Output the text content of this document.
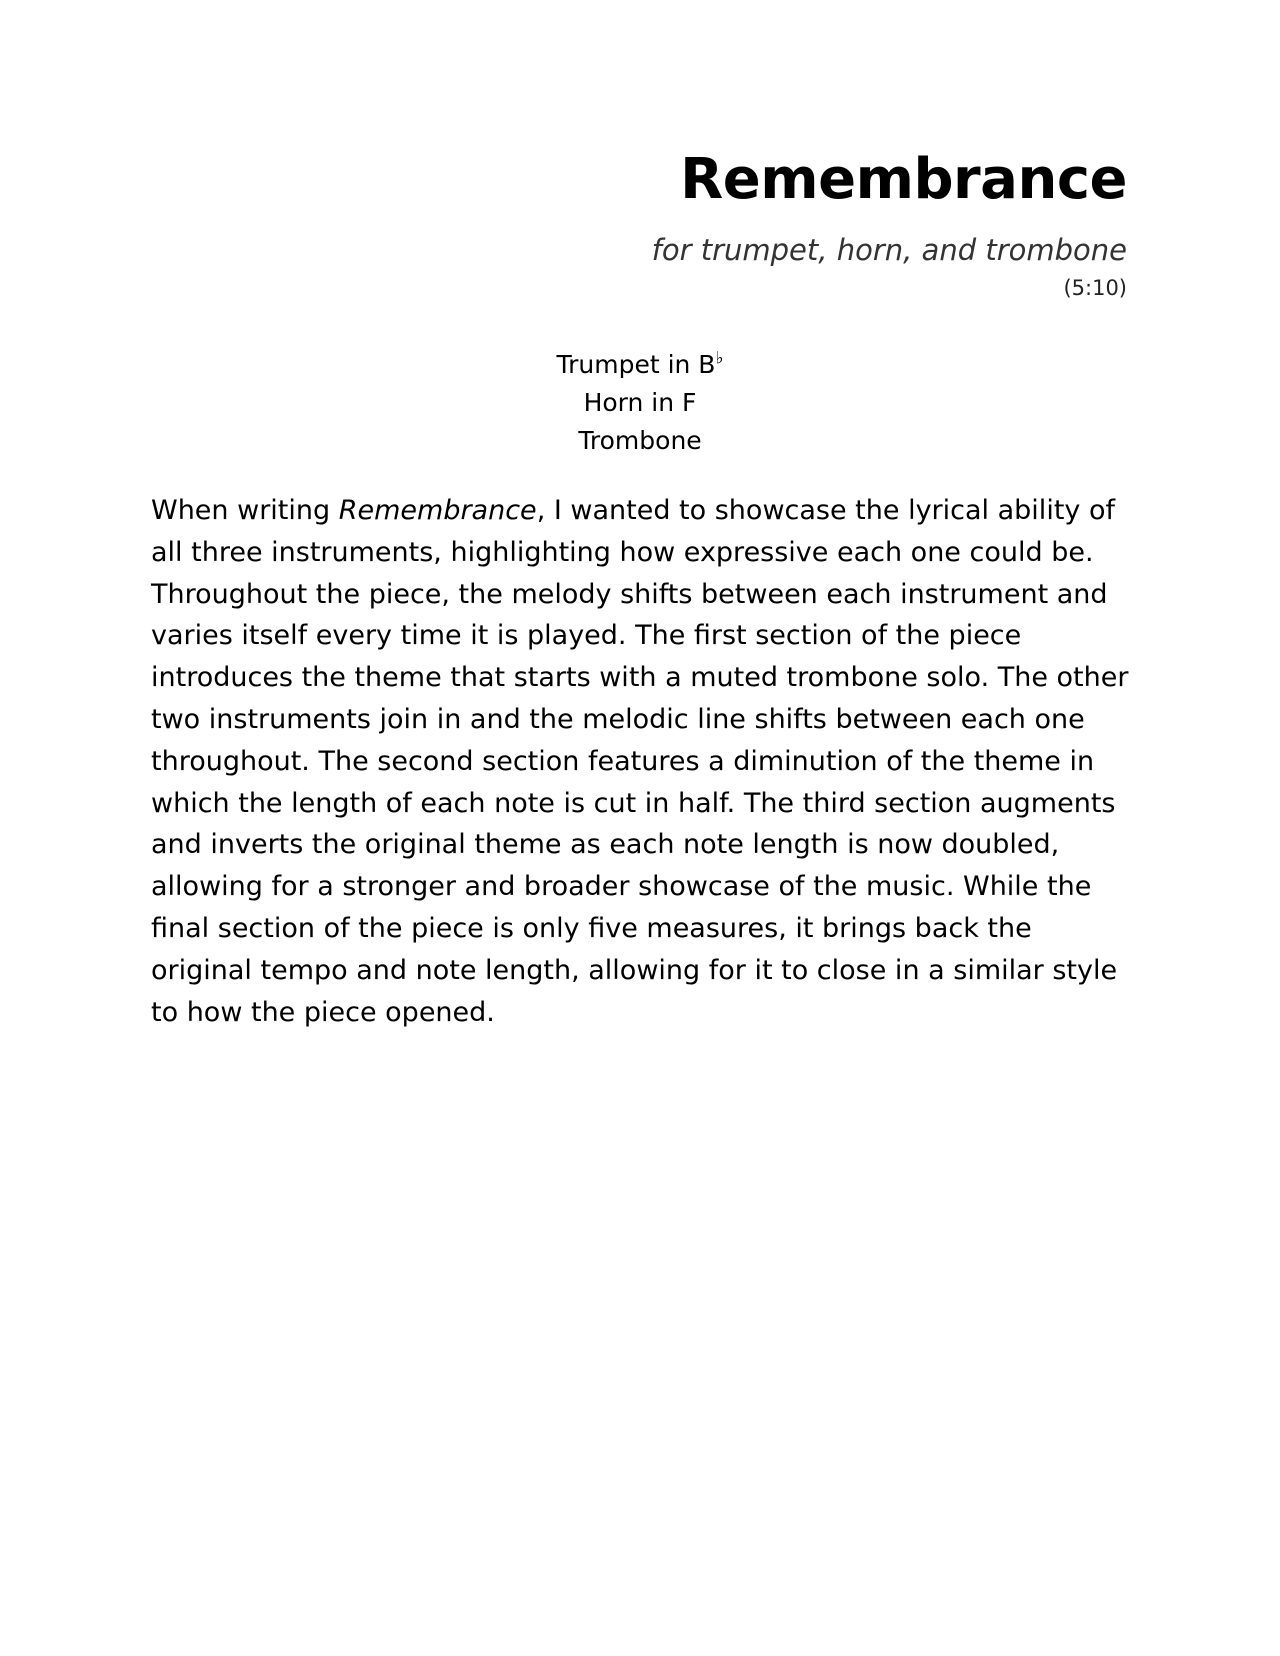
Remembrance
for trumpet, horn, and trombone
(5:10)
Trumpet in B♭
Horn in F
Trombone
When writing Remembrance, I wanted to showcase the lyrical ability of
all three instruments, highlighting how expressive each one could be.
Throughout the piece, the melody shifts between each instrument and
varies itself every time it is played. The first section of the piece
introduces the theme that starts with a muted trombone solo. The other
two instruments join in and the melodic line shifts between each one
throughout. The second section features a diminution of the theme in
which the length of each note is cut in half. The third section augments
and inverts the original theme as each note length is now doubled,
allowing for a stronger and broader showcase of the music. While the
final section of the piece is only five measures, it brings back the
original tempo and note length, allowing for it to close in a similar style
to how the piece opened.
